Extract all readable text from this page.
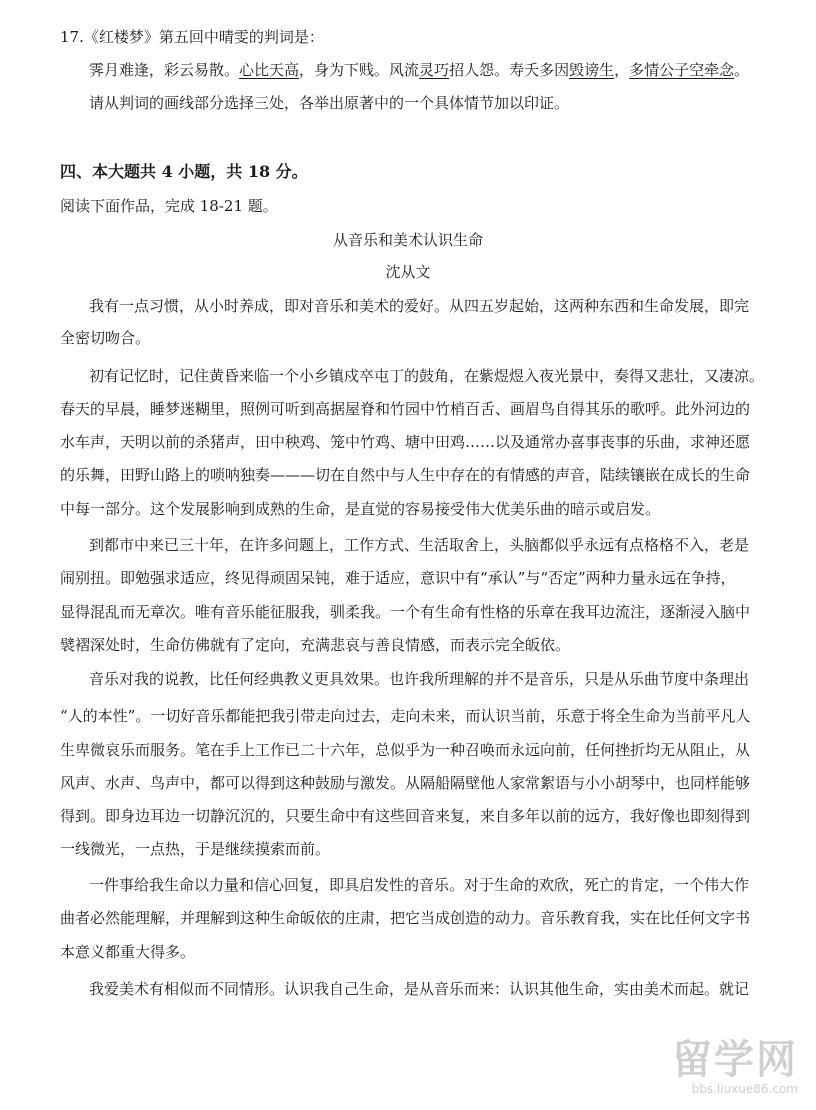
17.《红楼梦》第五回中晴雯的判词是：
霁月难逢，彩云易散。心比天高，身为下贱。风流灵巧招人怨。寿夭多因毁谤生，多情公子空牵念。
请从判词的画线部分选择三处，各举出原著中的一个具体情节加以印证。
四、本大题共 4 小题，共 18 分。
阅读下面作品，完成 18-21 题。
从音乐和美术认识生命
沈从文
我有一点习惯，从小时养成，即对音乐和美术的爱好。从四五岁起始，这两种东西和生命发展，即完
全密切吻合。
初有记忆时，记住黄昏来临一个小乡镇戍卒屯丁的鼓角，在紫煜煜入夜光景中，奏得又悲壮，又凄凉。
春天的早晨，睡梦迷糊里，照例可听到高据屋脊和竹园中竹梢百舌、画眉鸟自得其乐的歌呼。此外河边的
水车声，天明以前的杀猪声，田中秧鸡、笼中竹鸡、塘中田鸡……以及通常办喜事丧事的乐曲，求神还愿
的乐舞，田野山路上的唢呐独奏———切在自然中与人生中存在的有情感的声音，陆续镶嵌在成长的生命
中每一部分。这个发展影响到成熟的生命，是直觉的容易接受伟大优美乐曲的暗示或启发。
到都市中来已三十年，在许多问题上，工作方式、生活取舍上，头脑都似乎永远有点格格不入，老是
闹别扭。即勉强求适应，终见得顽固呆钝，难于适应，意识中有“承认”与“否定”两种力量永远在争持，
显得混乱而无章次。唯有音乐能征服我，驯柔我。一个有生命有性格的乐章在我耳边流注，逐渐浸入脑中
襞褶深处时，生命仿佛就有了定向，充满悲哀与善良情感，而表示完全皈依。
音乐对我的说教，比任何经典教义更具效果。也许我所理解的并不是音乐，只是从乐曲节度中条理出
“人的本性”。一切好音乐都能把我引带走向过去，走向未来，而认识当前，乐意于将全生命为当前平凡人
生卑微哀乐而服务。笔在手上工作已二十六年，总似乎为一种召唤而永远向前，任何挫折均无从阻止，从
风声、水声、鸟声中，都可以得到这种鼓励与激发。从隔船隔壁他人家常絮语与小小胡琴中，也同样能够
得到。即身边耳边一切静沉沉的，只要生命中有这些回音来复，来自多年以前的远方，我好像也即刻得到
一线微光，一点热，于是继续摸索而前。
一件事给我生命以力量和信心回复，即具启发性的音乐。对于生命的欢欣，死亡的肯定，一个伟大作
曲者必然能理解，并理解到这种生命皈依的庄肃，把它当成创造的动力。音乐教育我，实在比任何文字书
本意义都重大得多。
我爱美术有相似而不同情形。认识我自己生命，是从音乐而来：认识其他生命，实由美术而起。就记
留学网
bbs.liuxue86.com
